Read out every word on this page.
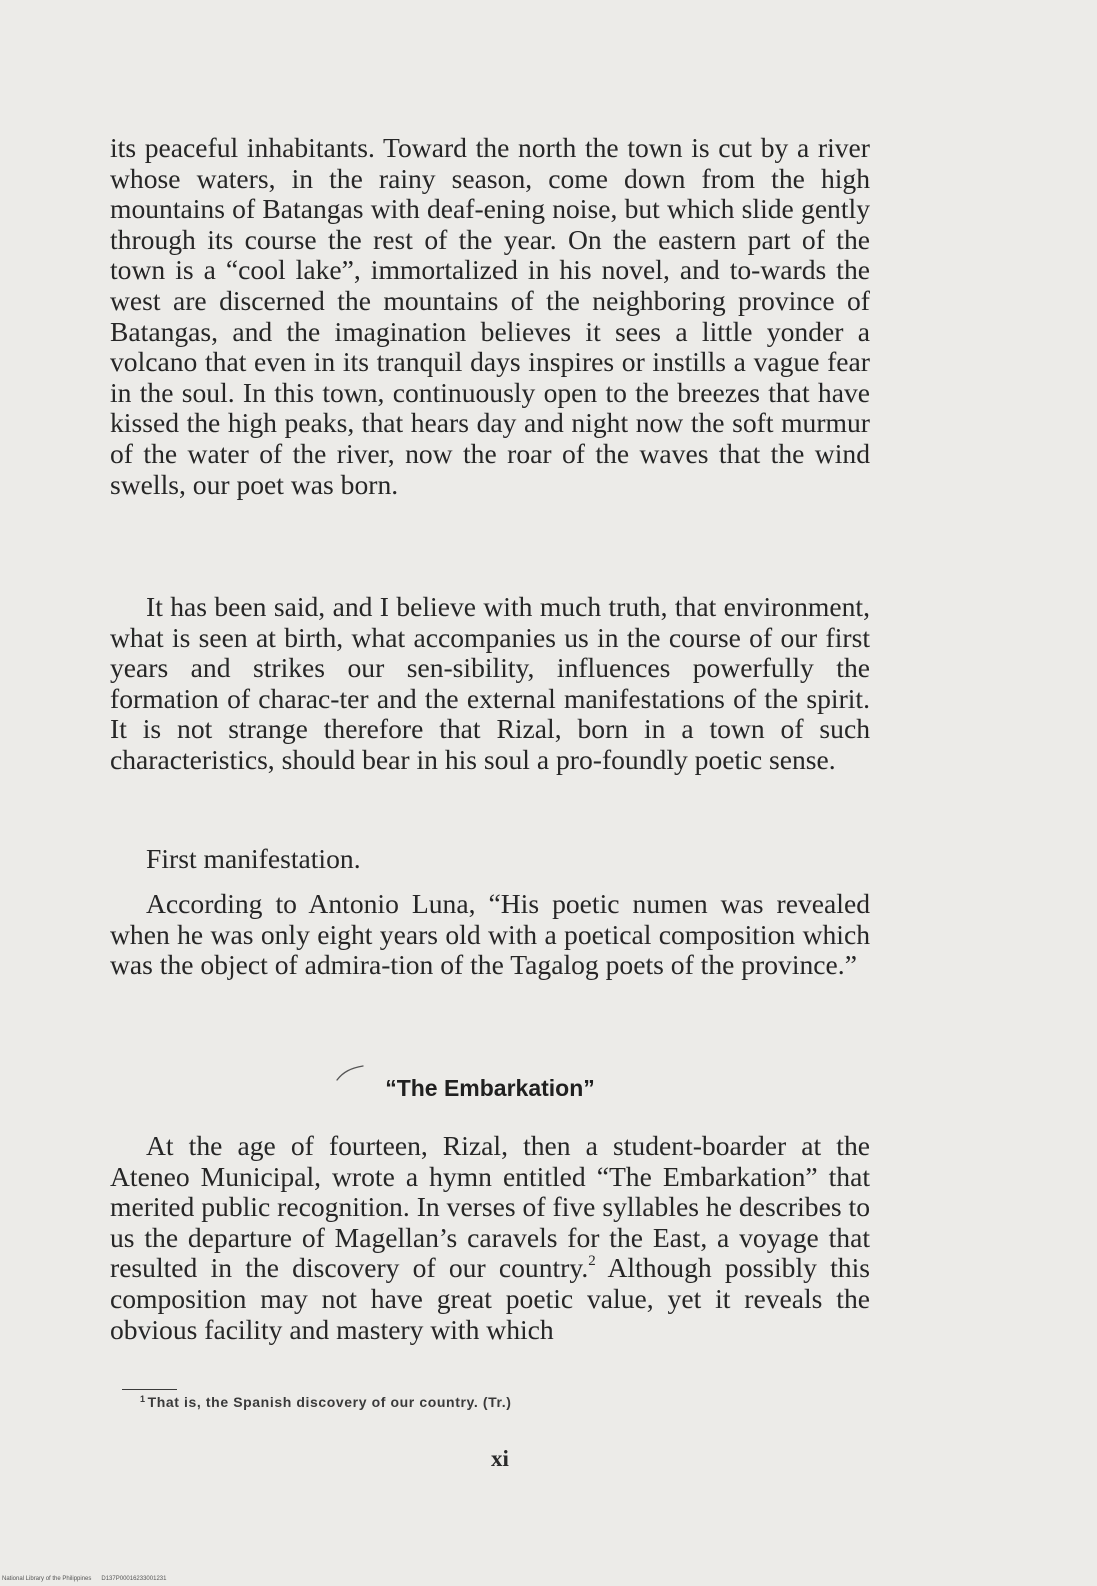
its peaceful inhabitants. Toward the north the town is cut by a river whose waters, in the rainy season, come down from the high mountains of Batangas with deaf-ening noise, but which slide gently through its course the rest of the year. On the eastern part of the town is a “cool lake”, immortalized in his novel, and to-wards the west are discerned the mountains of the neighboring province of Batangas, and the imagination believes it sees a little yonder a volcano that even in its tranquil days inspires or instills a vague fear in the soul. In this town, continuously open to the breezes that have kissed the high peaks, that hears day and night now the soft murmur of the water of the river, now the roar of the waves that the wind swells, our poet was born.

It has been said, and I believe with much truth, that environment, what is seen at birth, what accompanies us in the course of our first years and strikes our sen-sibility, influences powerfully the formation of charac-ter and the external manifestations of the spirit. It is not strange therefore that Rizal, born in a town of such characteristics, should bear in his soul a pro-foundly poetic sense.

First manifestation.

According to Antonio Luna, “His poetic numen was revealed when he was only eight years old with a poetical composition which was the object of admira-tion of the Tagalog poets of the province.”

“The Embarkation”

At the age of fourteen, Rizal, then a student-boarder at the Ateneo Municipal, wrote a hymn entitled “The Embarkation” that merited public recognition. In verses of five syllables he describes to us the departure of Magellan’s caravels for the East, a voyage that resulted in the discovery of our country.$^2$ Although possibly this composition may not have great poetic value, yet it reveals the obvious facility and mastery with which

$^1$ That is, the Spanish discovery of our country. (Tr.)
xi
National Library of the Philippines D137P00016233001231
